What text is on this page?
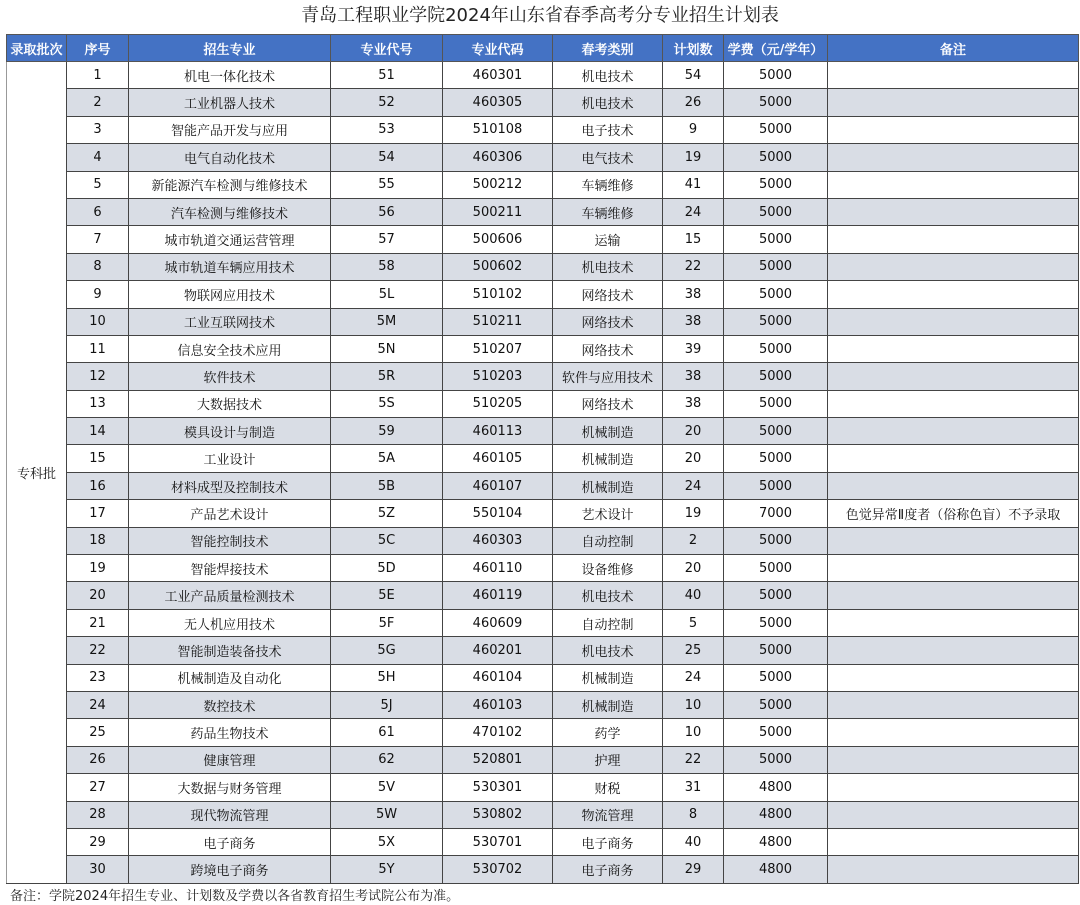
青岛工程职业学院2024年山东省春季高考分专业招生计划表
录取批次	序号	招生专业	专业代号	专业代码	春考类别	计划数	学费（元/学年）	备注
专科批	1	机电一体化技术	51	460301	机电技术	54	5000	
	2	工业机器人技术	52	460305	机电技术	26	5000	
	3	智能产品开发与应用	53	510108	电子技术	9	5000	
	4	电气自动化技术	54	460306	电气技术	19	5000	
	5	新能源汽车检测与维修技术	55	500212	车辆维修	41	5000	
	6	汽车检测与维修技术	56	500211	车辆维修	24	5000	
	7	城市轨道交通运营管理	57	500606	运输	15	5000	
	8	城市轨道车辆应用技术	58	500602	机电技术	22	5000	
	9	物联网应用技术	5L	510102	网络技术	38	5000	
	10	工业互联网技术	5M	510211	网络技术	38	5000	
	11	信息安全技术应用	5N	510207	网络技术	39	5000	
	12	软件技术	5R	510203	软件与应用技术	38	5000	
	13	大数据技术	5S	510205	网络技术	38	5000	
	14	模具设计与制造	59	460113	机械制造	20	5000	
	15	工业设计	5A	460105	机械制造	20	5000	
	16	材料成型及控制技术	5B	460107	机械制造	24	5000	
	17	产品艺术设计	5Z	550104	艺术设计	19	7000	色觉异常Ⅱ度者（俗称色盲）不予录取
	18	智能控制技术	5C	460303	自动控制	2	5000	
	19	智能焊接技术	5D	460110	设备维修	20	5000	
	20	工业产品质量检测技术	5E	460119	机电技术	40	5000	
	21	无人机应用技术	5F	460609	自动控制	5	5000	
	22	智能制造装备技术	5G	460201	机电技术	25	5000	
	23	机械制造及自动化	5H	460104	机械制造	24	5000	
	24	数控技术	5J	460103	机械制造	10	5000	
	25	药品生物技术	61	470102	药学	10	5000	
	26	健康管理	62	520801	护理	22	5000	
	27	大数据与财务管理	5V	530301	财税	31	4800	
	28	现代物流管理	5W	530802	物流管理	8	4800	
	29	电子商务	5X	530701	电子商务	40	4800	
	30	跨境电子商务	5Y	530702	电子商务	29	4800	
备注：学院2024年招生专业、计划数及学费以各省教育招生考试院公布为准。
